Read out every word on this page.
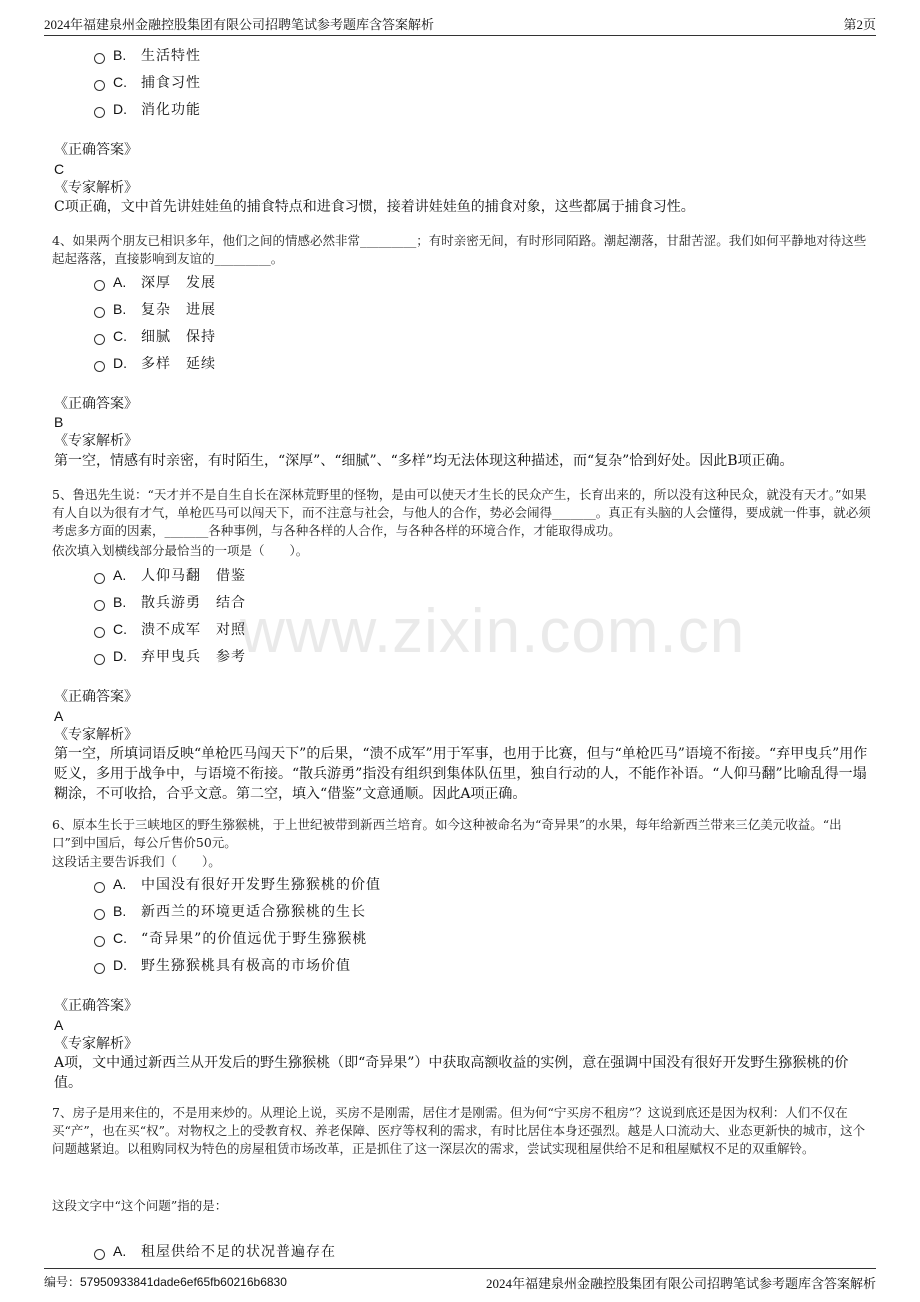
2024年福建泉州金融控股集团有限公司招聘笔试参考题库含答案解析	第2页
www.zixin.com.cn
B. 生活特性
C. 捕食习性
D. 消化功能
《正确答案》
C
《专家解析》
C项正确，文中首先讲娃娃鱼的捕食特点和进食习惯，接着讲娃娃鱼的捕食对象，这些都属于捕食习性。
4、如果两个朋友已相识多年，他们之间的情感必然非常_________；有时亲密无间，有时形同陌路。潮起潮落，甘甜苦涩。我们如何平静地对待这些起起落落，直接影响到友谊的_________。
A. 深厚　发展
B. 复杂　进展
C. 细腻　保持
D. 多样　延续
《正确答案》
B
《专家解析》
第一空，情感有时亲密，有时陌生，“深厚”、“细腻”、“多样”均无法体现这种描述，而“复杂”恰到好处。因此B项正确。
5、鲁迅先生说：“天才并不是自生自长在深林荒野里的怪物，是由可以使天才生长的民众产生，长育出来的，所以没有这种民众，就没有天才。”如果有人自以为很有才气，单枪匹马可以闯天下，而不注意与社会，与他人的合作，势必会闹得_______。真正有头脑的人会懂得，要成就一件事，就必须考虑多方面的因素，_______各种事例，与各种各样的人合作，与各种各样的环境合作，才能取得成功。
依次填入划横线部分最恰当的一项是（　　）。
A. 人仰马翻　借鉴
B. 散兵游勇　结合
C. 溃不成军　对照
D. 弃甲曳兵　参考
《正确答案》
A
《专家解析》
第一空，所填词语反映“单枪匹马闯天下”的后果，“溃不成军”用于军事，也用于比赛，但与“单枪匹马”语境不衔接。“弃甲曳兵”用作贬义，多用于战争中，与语境不衔接。“散兵游勇”指没有组织到集体队伍里，独自行动的人，不能作补语。“人仰马翻”比喻乱得一塌糊涂，不可收拾，合乎文意。第二空，填入“借鉴”文意通顺。因此A项正确。
6、原本生长于三峡地区的野生猕猴桃，于上世纪被带到新西兰培育。如今这种被命名为“奇异果”的水果，每年给新西兰带来三亿美元收益。“出口”到中国后，每公斤售价50元。
这段话主要告诉我们（　　）。
A. 中国没有很好开发野生猕猴桃的价值
B. 新西兰的环境更适合猕猴桃的生长
C. “奇异果”的价值远优于野生猕猴桃
D. 野生猕猴桃具有极高的市场价值
《正确答案》
A
《专家解析》
A项，文中通过新西兰从开发后的野生猕猴桃（即“奇异果”）中获取高额收益的实例，意在强调中国没有很好开发野生猕猴桃的价值。
7、房子是用来住的，不是用来炒的。从理论上说，买房不是刚需，居住才是刚需。但为何“宁买房不租房”？这说到底还是因为权利：人们不仅在买“产”，也在买“权”。对物权之上的受教育权、养老保障、医疗等权利的需求，有时比居住本身还强烈。越是人口流动大、业态更新快的城市，这个问题越紧迫。以租购同权为特色的房屋租赁市场改革，正是抓住了这一深层次的需求，尝试实现租屋供给不足和租屋赋权不足的双重解铃。
这段文字中“这个问题”指的是：
A. 租屋供给不足的状况普遍存在
编号：57950933841dade6ef65fb60216b6830	2024年福建泉州金融控股集团有限公司招聘笔试参考题库含答案解析
